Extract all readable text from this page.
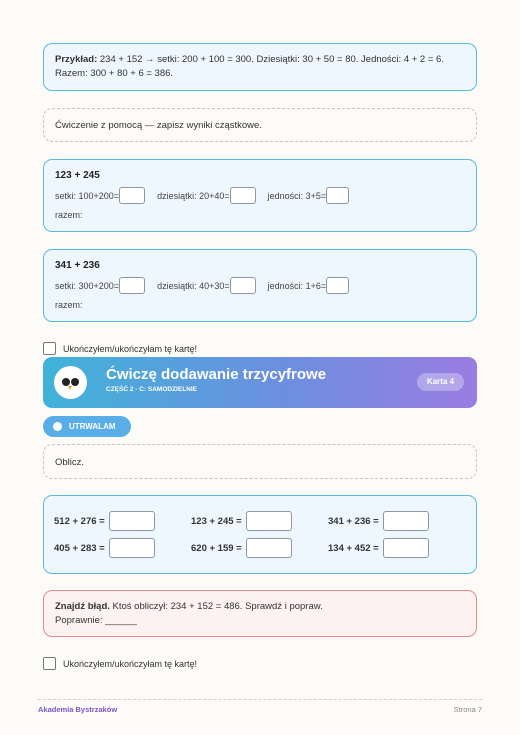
Przykład: 234 + 152 → setki: 200 + 100 = 300. Dziesiątki: 30 + 50 = 80. Jedności: 4 + 2 = 6. Razem: 300 + 80 + 6 = 386.

Ćwiczenie z pomocą — zapisz wyniki cząstkowe.

123 + 245
setki: 100+200=	dziesiątki: 20+40=	jedności: 3+5=
razem:
341 + 236
setki: 300+200=	dziesiątki: 40+30=	jedności: 1+6=
razem:
Ukończyłem/ukończyłam tę kartę!
Ćwiczę dodawanie trzycyfrowe
CZĘŚĆ 2 · C: SAMODZIELNIE
Karta 4
UTRWALAM

Oblicz.

512 + 276 =	123 + 245 =	341 + 236 =
405 + 283 =	620 + 159 =	134 + 452 =

Znajdź błąd. Ktoś obliczył: 234 + 152 = 486. Sprawdź i popraw.

Poprawnie: ______

Ukończyłem/ukończyłam tę kartę!
Akademia Bystrzaków	Strona 7
